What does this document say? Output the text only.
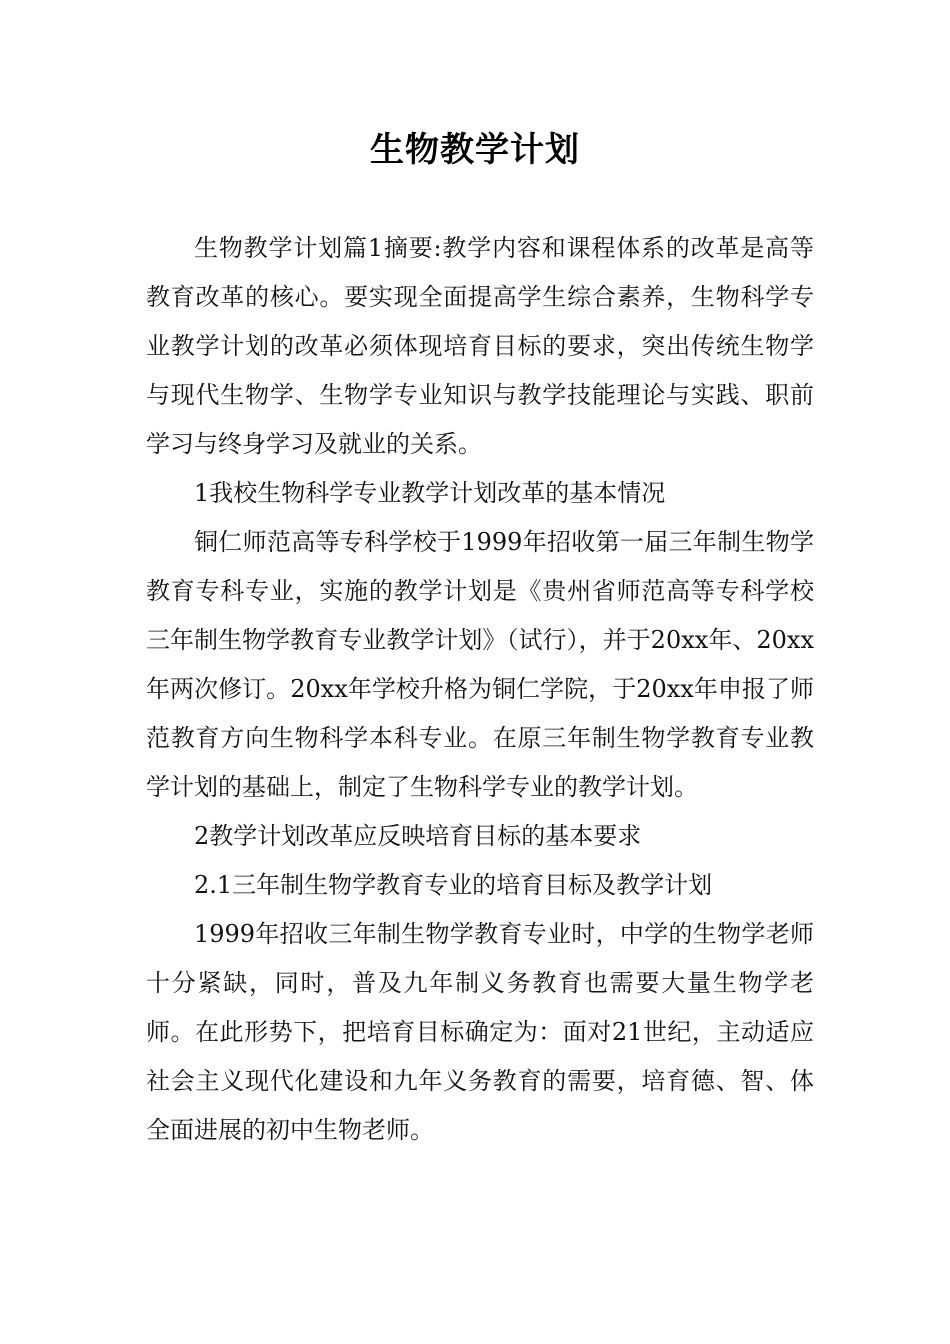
生物教学计划

生物教学计划篇1摘要:教学内容和课程体系的改革是高等教育改革的核心。要实现全面提高学生综合素养，生物科学专业教学计划的改革必须体现培育目标的要求，突出传统生物学与现代生物学、生物学专业知识与教学技能理论与实践、职前学习与终身学习及就业的关系。

1我校生物科学专业教学计划改革的基本情况

铜仁师范高等专科学校于1999年招收第一届三年制生物学教育专科专业，实施的教学计划是《贵州省师范高等专科学校三年制生物学教育专业教学计划》（试行），并于20xx年、20xx年两次修订。20xx年学校升格为铜仁学院，于20xx年申报了师范教育方向生物科学本科专业。在原三年制生物学教育专业教学计划的基础上，制定了生物科学专业的教学计划。

2教学计划改革应反映培育目标的基本要求

2.1三年制生物学教育专业的培育目标及教学计划

1999年招收三年制生物学教育专业时，中学的生物学老师十分紧缺，同时，普及九年制义务教育也需要大量生物学老师。在此形势下，把培育目标确定为：面对21世纪，主动适应社会主义现代化建设和九年义务教育的需要，培育德、智、体全面进展的初中生物老师。
